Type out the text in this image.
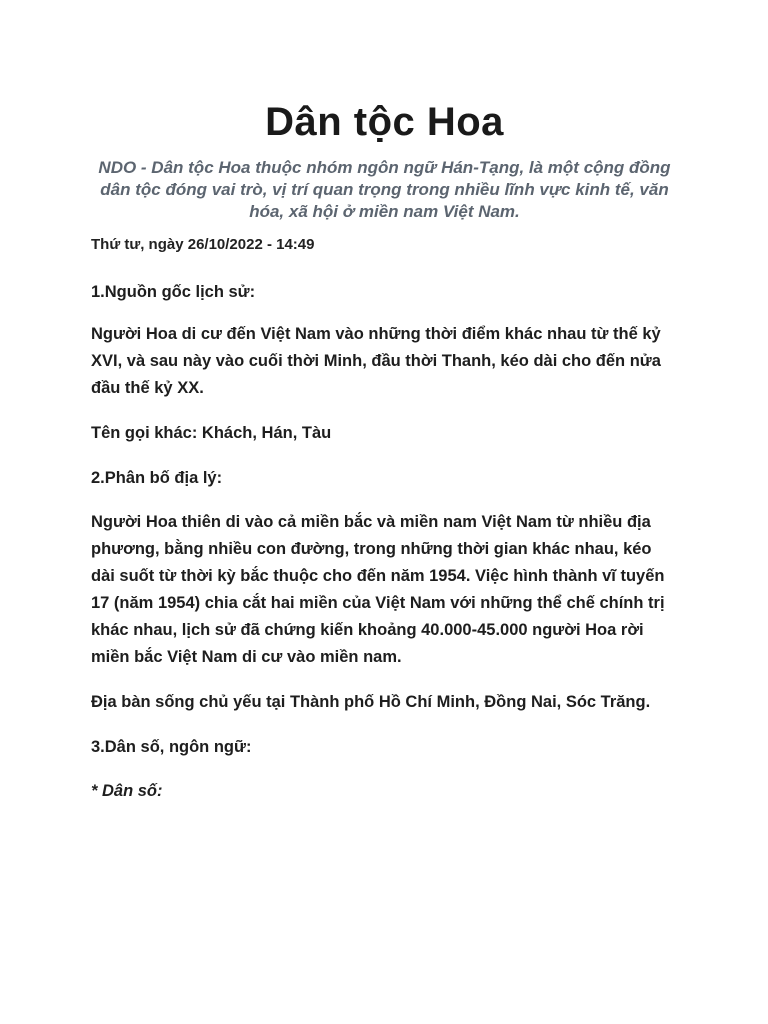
Dân tộc Hoa

NDO - Dân tộc Hoa thuộc nhóm ngôn ngữ Hán-Tạng, là một cộng đồng dân tộc đóng vai trò, vị trí quan trọng trong nhiều lĩnh vực kinh tế, văn hóa, xã hội ở miền nam Việt Nam.

Thứ tư, ngày 26/10/2022 - 14:49

1.Nguồn gốc lịch sử:

Người Hoa di cư đến Việt Nam vào những thời điểm khác nhau từ thế kỷ XVI, và sau này vào cuối thời Minh, đầu thời Thanh, kéo dài cho đến nửa đầu thế kỷ XX.

Tên gọi khác: Khách, Hán, Tàu

2.Phân bố địa lý:

Người Hoa thiên di vào cả miền bắc và miền nam Việt Nam từ nhiều địa phương, bằng nhiều con đường, trong những thời gian khác nhau, kéo dài suốt từ thời kỳ bắc thuộc cho đến năm 1954. Việc hình thành vĩ tuyến 17 (năm 1954) chia cắt hai miền của Việt Nam với những thể chế chính trị khác nhau, lịch sử đã chứng kiến khoảng 40.000-45.000 người Hoa rời miền bắc Việt Nam di cư vào miền nam.

Địa bàn sống chủ yếu tại Thành phố Hồ Chí Minh, Đồng Nai, Sóc Trăng.

3.Dân số, ngôn ngữ:

* Dân số:
